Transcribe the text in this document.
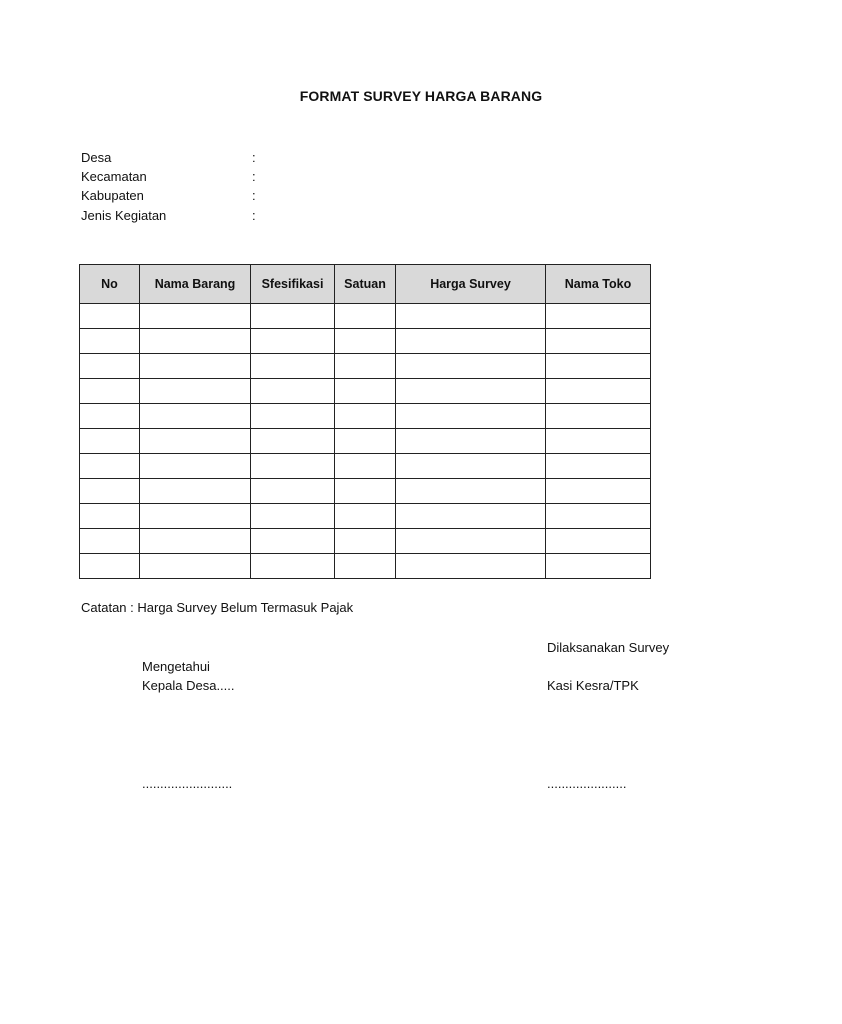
FORMAT SURVEY HARGA BARANG
Desa	:
Kecamatan	:
Kabupaten	:
Jenis Kegiatan	:
No	Nama Barang	Sfesifikasi	Satuan	Harga Survey	Nama Toko

Catatan : Harga Survey Belum Termasuk Pajak
Dilaksanakan Survey
Mengetahui
Kepala Desa.....	Kasi Kesra/TPK
.........................	......................
